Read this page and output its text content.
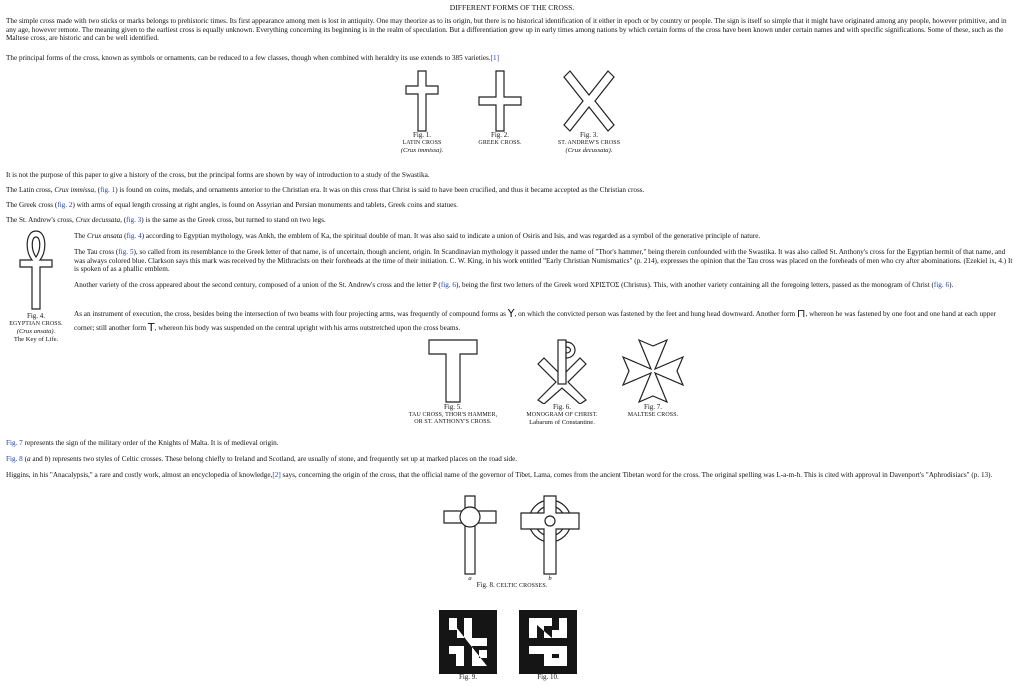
DIFFERENT FORMS OF THE CROSS.

The simple cross made with two sticks or marks belongs to prehistoric times. Its first appearance among men is lost in antiquity. One may theorize as to its origin, but there is no historical identification of it either in epoch or by country or people. The sign is itself so simple that it might have originated among any people, however primitive, and in any age, however remote. The meaning given to the earliest cross is equally unknown. Everything concerning its beginning is in the realm of speculation. But a differentiation grew up in early times among nations by which certain forms of the cross have been known under certain names and with specific significations. Some of these, such as the Maltese cross, are historic and can be well identified.

The principal forms of the cross, known as symbols or ornaments, can be reduced to a few classes, though when combined with heraldry its use extends to 385 varieties.[1]

Fig. 1.
LATIN CROSS
(Crux immissa).
Fig. 2.
GREEK CROSS.
Fig. 3.
ST. ANDREW'S CROSS
(Crux decussata).

It is not the purpose of this paper to give a history of the cross, but the principal forms are shown by way of introduction to a study of the Swastika.

The Latin cross, Crux immissa, (fig. 1) is found on coins, medals, and ornaments anterior to the Christian era. It was on this cross that Christ is said to have been crucified, and thus it became accepted as the Christian cross.

The Greek cross (fig. 2) with arms of equal length crossing at right angles, is found on Assyrian and Persian monuments and tablets, Greek coins and statues.

The St. Andrew's cross, Crux decussata, (fig. 3) is the same as the Greek cross, but turned to stand on two legs.

Fig. 4.
EGYPTIAN CROSS.
(Crux ansata).
The Key of Life.

The Crux ansata (fig. 4) according to Egyptian mythology, was Ankh, the emblem of Ka, the spiritual double of man. It was also said to indicate a union of Osiris and Isis, and was regarded as a symbol of the generative principle of nature.

The Tau cross (fig. 5), so called from its resemblance to the Greek letter of that name, is of uncertain, though ancient, origin. In Scandinavian mythology it passed under the name of "Thor's hammer," being therein confounded with the Swastika. It was also called St. Anthony's cross for the Egyptian hermit of that name, and was always colored blue. Clarkson says this mark was received by the Mithracists on their foreheads at the time of their initiation. C. W. King, in his work entitled "Early Christian Numismatics" (p. 214), expresses the opinion that the Tau cross was placed on the foreheads of men who cry after abominations. (Ezekiel ix, 4.) It is spoken of as a phallic emblem.

Another variety of the cross appeared about the second century, composed of a union of the St. Andrew's cross and the letter P (fig. 6), being the first two letters of the Greek word ΧΡΙΣΤΟΣ (Christus). This, with another variety containing all the foregoing letters, passed as the monogram of Christ (fig. 6).

As an instrument of execution, the cross, besides being the intersection of two beams with four projecting arms, was frequently of compound forms as Y, on which the convicted person was fastened by the feet and hung head downward. Another form ⊓, whereon he was fastened by one foot and one hand at each upper corner; still another form T, whereon his body was suspended on the central upright with his arms outstretched upon the cross beams.

Fig. 5.
TAU CROSS, THOR'S HAMMER,
OR ST. ANTHONY'S CROSS.
Fig. 6.
MONOGRAM OF CHRIST.
Labarum of Constantine.
Fig. 7.
MALTESE CROSS.

Fig. 7 represents the sign of the military order of the Knights of Malta. It is of medieval origin.

Fig. 8 (a and b) represents two styles of Celtic crosses. These belong chiefly to Ireland and Scotland, are usually of stone, and frequently set up at marked places on the road side.

Higgins, in his "Anacalypsis," a rare and costly work, almost an encyclopedia of knowledge,[2] says, concerning the origin of the cross, that the official name of the governor of Tibet, Lama, comes from the ancient Tibetan word for the cross. The original spelling was L-a-m-h. This is cited with approval in Davenport's "Aphrodisiacs" (p. 13).

a	b
Fig. 8. CELTIC CROSSES.
Fig. 9.	Fig. 10.
